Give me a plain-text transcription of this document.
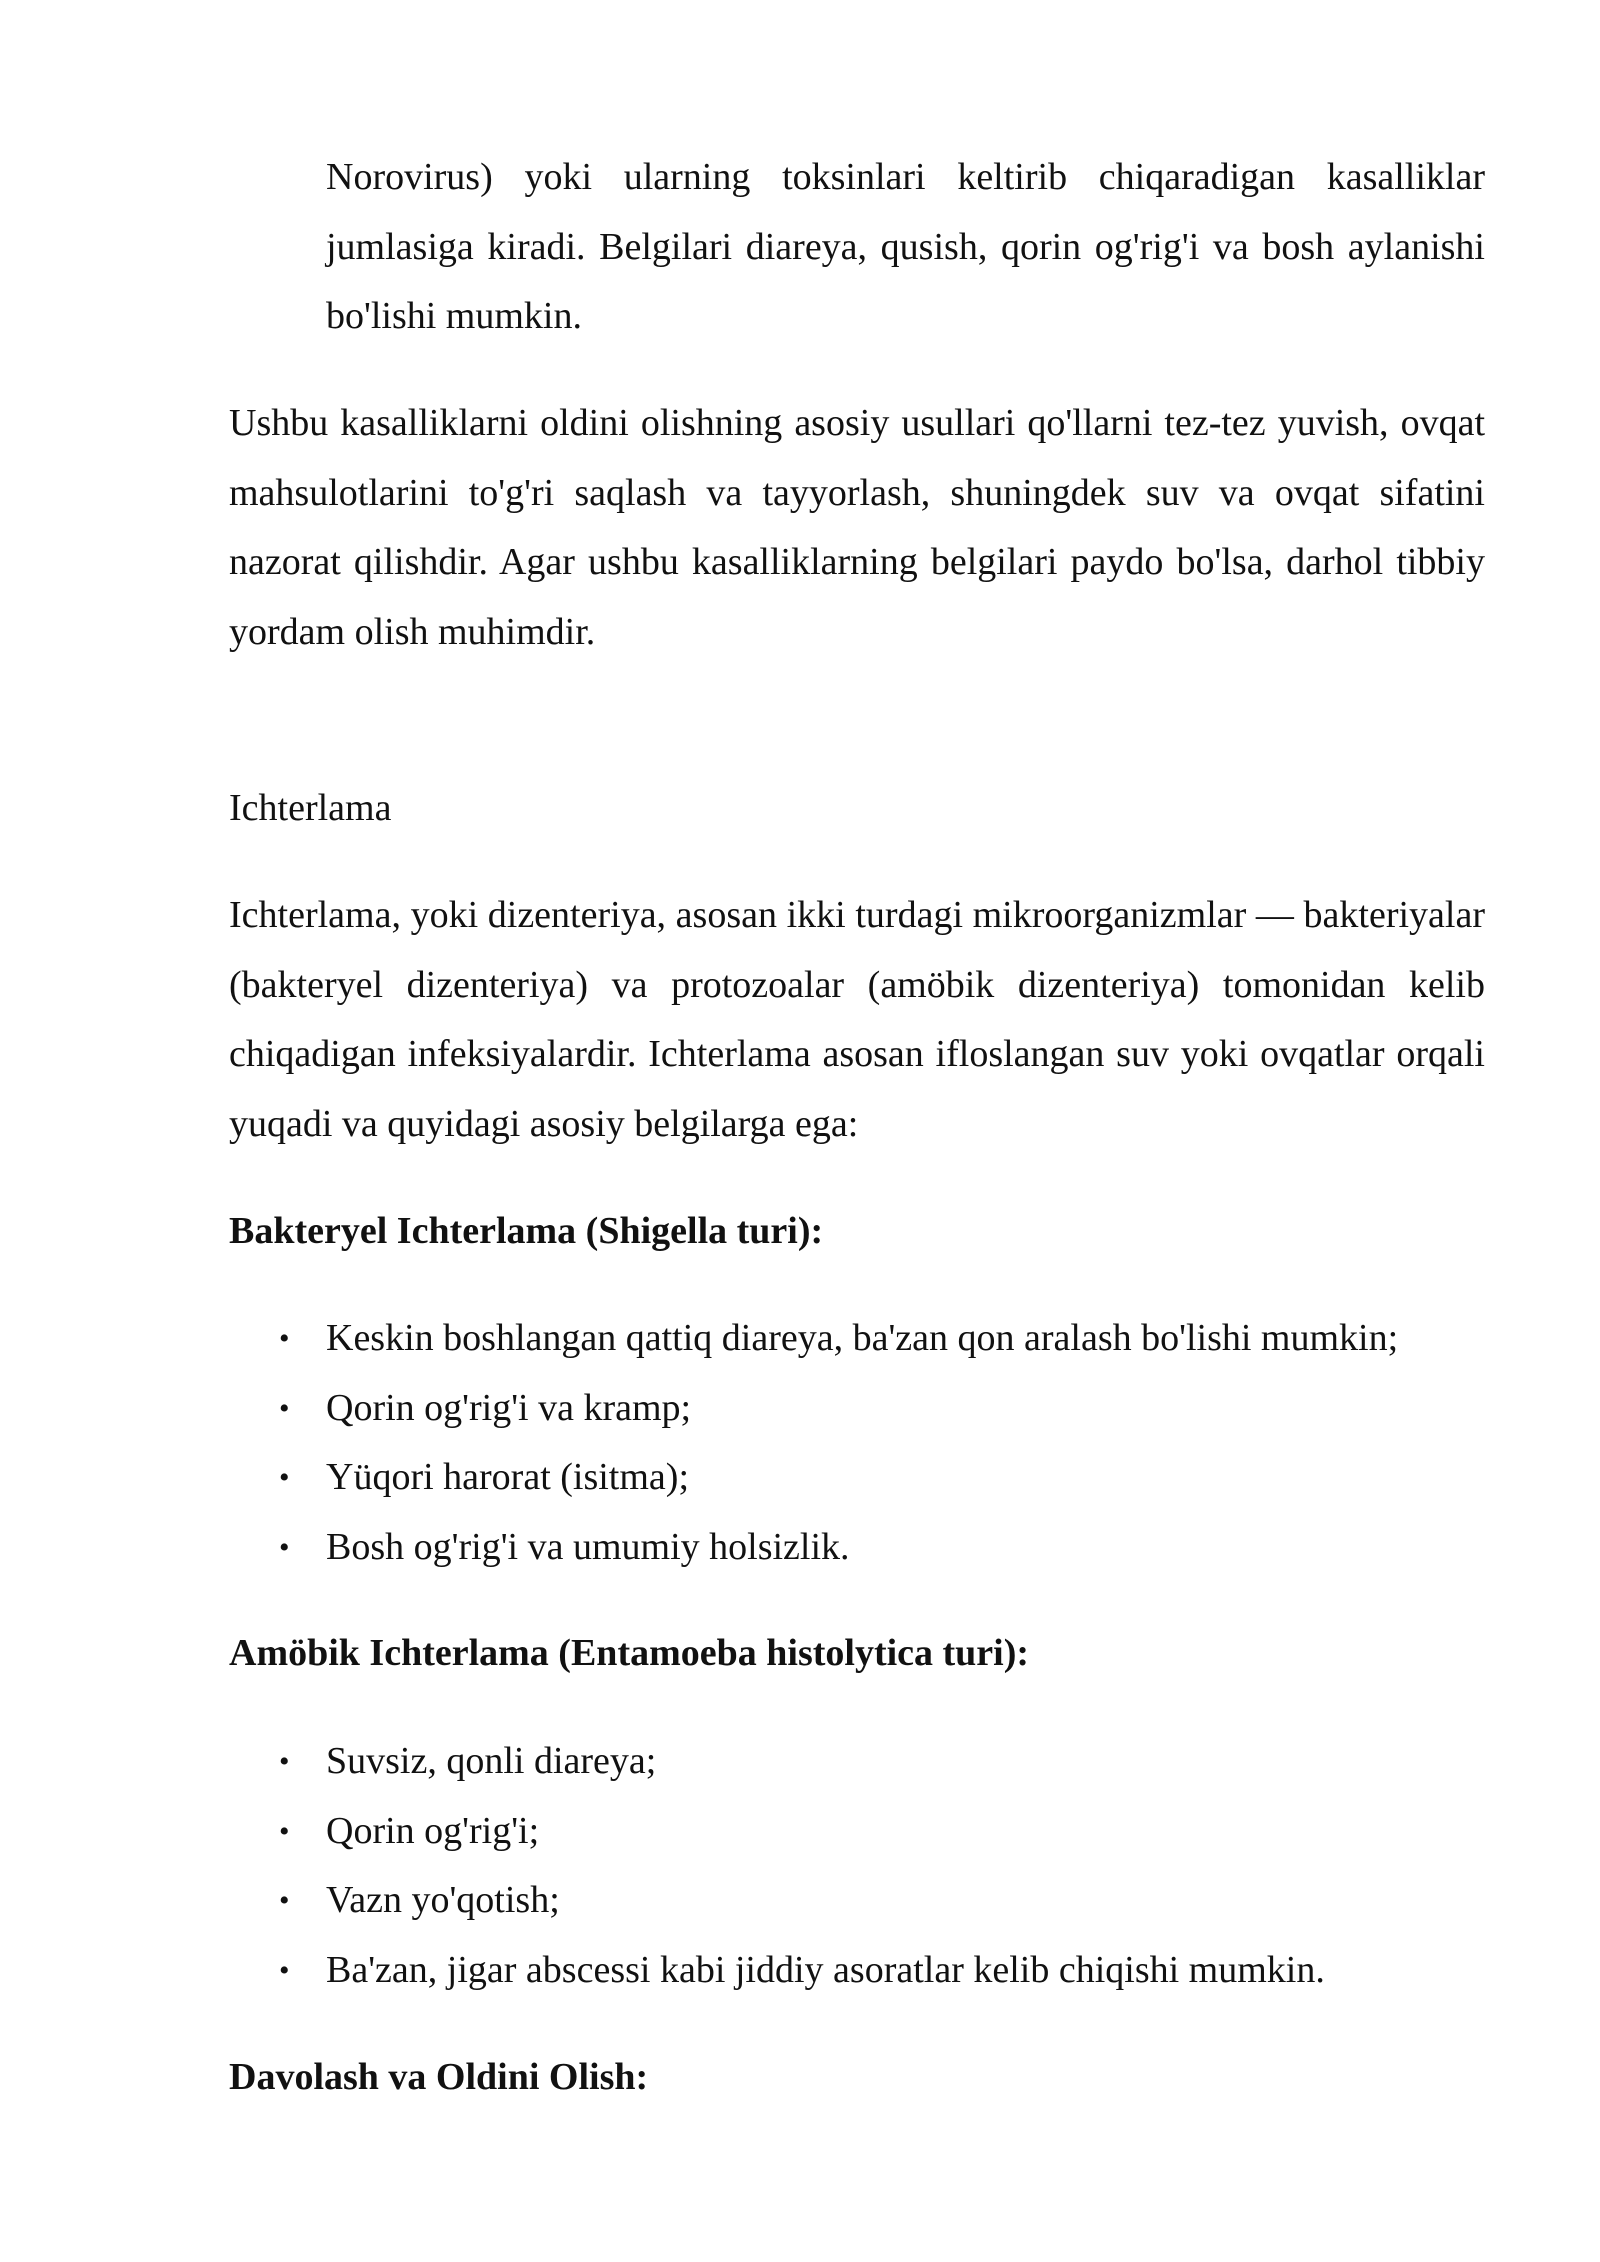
Norovirus) yoki ularning toksinlari keltirib chiqaradigan kasalliklar jumlasiga kiradi. Belgilari diareya, qusish, qorin og'rig'i va bosh aylanishi bo'lishi mumkin.

Ushbu kasalliklarni oldini olishning asosiy usullari qo'llarni tez-tez yuvish, ovqat mahsulotlarini to'g'ri saqlash va tayyorlash, shuningdek suv va ovqat sifatini nazorat qilishdir. Agar ushbu kasalliklarning belgilari paydo bo'lsa, darhol tibbiy yordam olish muhimdir.

Ichterlama

Ichterlama, yoki dizenteriya, asosan ikki turdagi mikroorganizmlar — bakteriyalar (bakteryel dizenteriya) va protozoalar (amöbik dizenteriya) tomonidan kelib chiqadigan infeksiyalardir. Ichterlama asosan ifloslangan suv yoki ovqatlar orqali yuqadi va quyidagi asosiy belgilarga ega:

Bakteryel Ichterlama (Shigella turi):

• Keskin boshlangan qattiq diareya, ba'zan qon aralash bo'lishi mumkin;
• Qorin og'rig'i va kramp;
• Yüqori harorat (isitma);
• Bosh og'rig'i va umumiy holsizlik.

Amöbik Ichterlama (Entamoeba histolytica turi):

• Suvsiz, qonli diareya;
• Qorin og'rig'i;
• Vazn yo'qotish;
• Ba'zan, jigar abscessi kabi jiddiy asoratlar kelib chiqishi mumkin.

Davolash va Oldini Olish:
